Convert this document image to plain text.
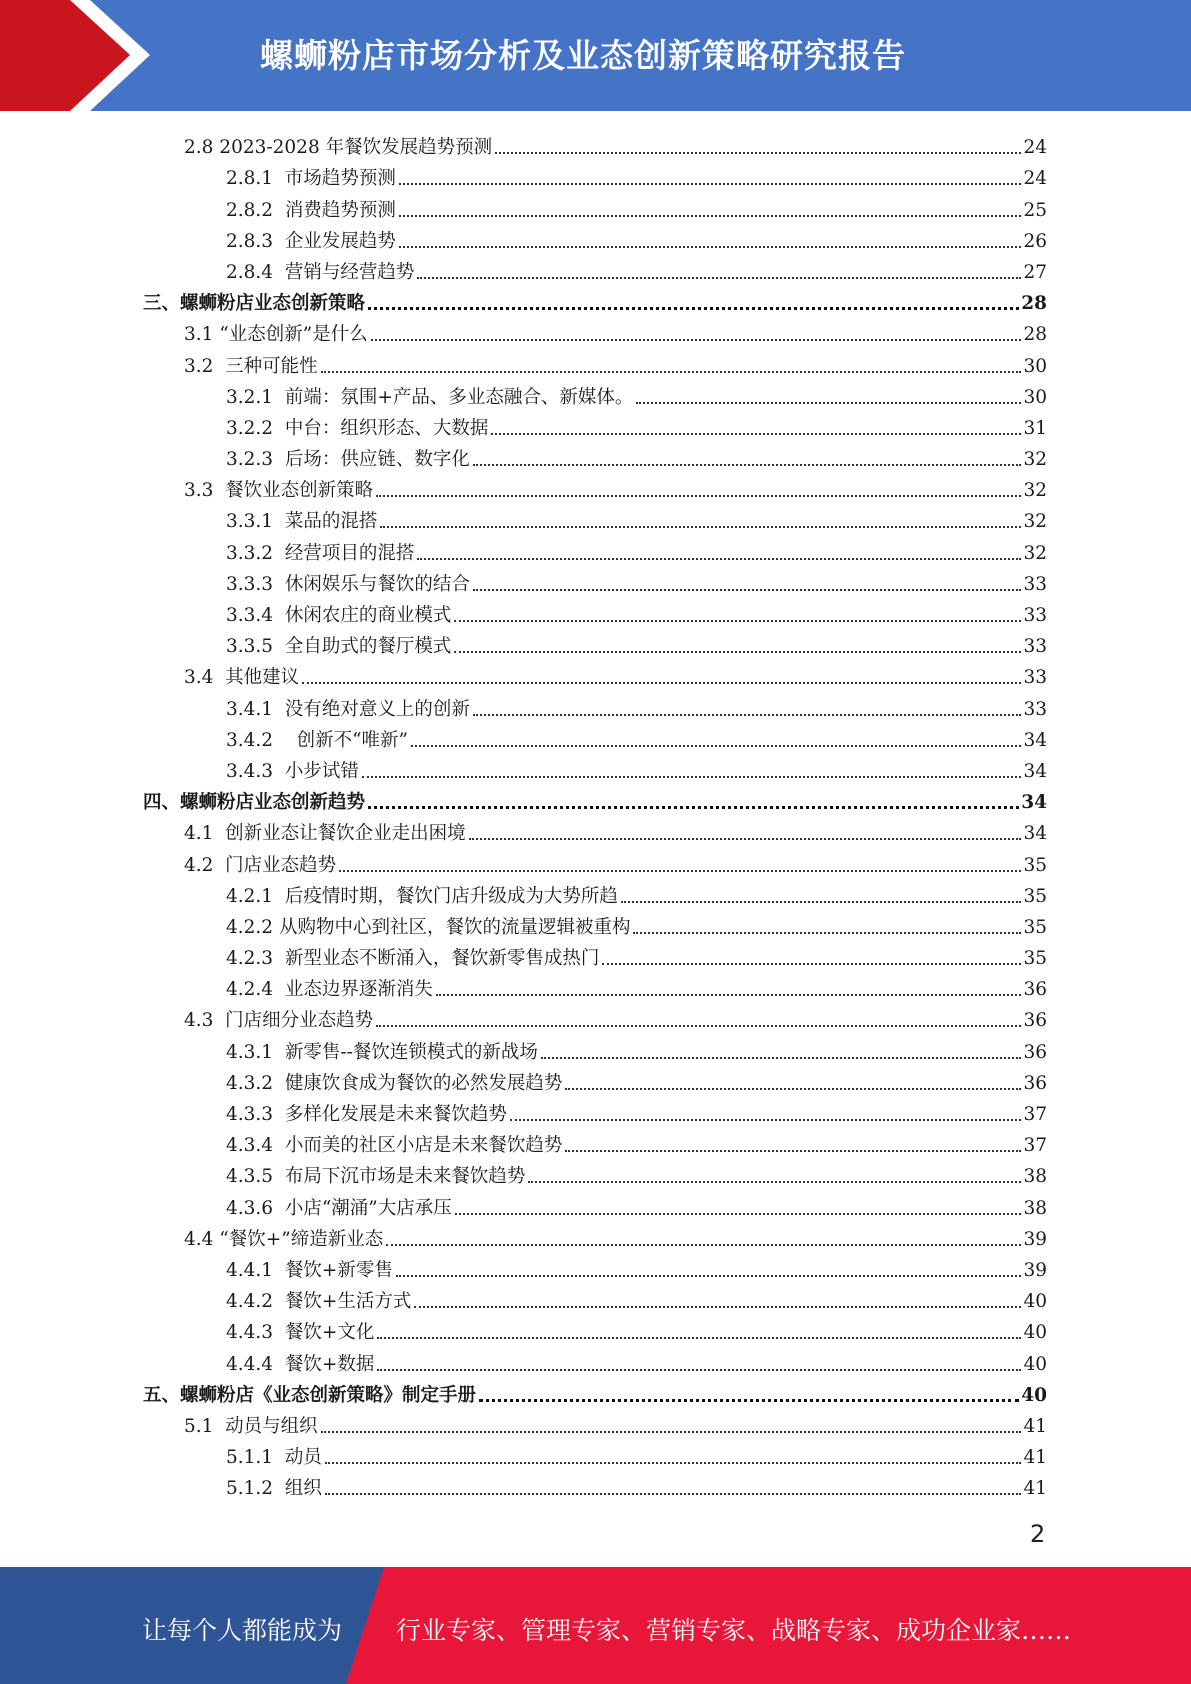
螺蛳粉店市场分析及业态创新策略研究报告
2.8 2023-2028 年餐饮发展趋势预测	24
2.8.1  市场趋势预测	24
2.8.2  消费趋势预测	25
2.8.3  企业发展趋势	26
2.8.4  营销与经营趋势	27
三、螺蛳粉店业态创新策略	28
3.1 “业态创新”是什么	28
3.2  三种可能性	30
3.2.1  前端：氛围+产品、多业态融合、新媒体。	30
3.2.2  中台：组织形态、大数据	31
3.2.3  后场：供应链、数字化	32
3.3  餐饮业态创新策略	32
3.3.1  菜品的混搭	32
3.3.2  经营项目的混搭	32
3.3.3  休闲娱乐与餐饮的结合	33
3.3.4  休闲农庄的商业模式	33
3.3.5  全自助式的餐厅模式	33
3.4  其他建议	33
3.4.1  没有绝对意义上的创新	33
3.4.2    创新不“唯新”	34
3.4.3  小步试错	34
四、螺蛳粉店业态创新趋势	34
4.1  创新业态让餐饮企业走出困境	34
4.2  门店业态趋势	35
4.2.1  后疫情时期，餐饮门店升级成为大势所趋	35
4.2.2 从购物中心到社区，餐饮的流量逻辑被重构	35
4.2.3  新型业态不断涌入，餐饮新零售成热门	35
4.2.4  业态边界逐渐消失	36
4.3  门店细分业态趋势	36
4.3.1  新零售--餐饮连锁模式的新战场	36
4.3.2  健康饮食成为餐饮的必然发展趋势	36
4.3.3  多样化发展是未来餐饮趋势	37
4.3.4  小而美的社区小店是未来餐饮趋势	37
4.3.5  布局下沉市场是未来餐饮趋势	38
4.3.6  小店“潮涌”大店承压	38
4.4 “餐饮+”缔造新业态	39
4.4.1  餐饮+新零售	39
4.4.2  餐饮+生活方式	40
4.4.3  餐饮+文化	40
4.4.4  餐饮+数据	40
五、螺蛳粉店《业态创新策略》制定手册	40
5.1  动员与组织	41
5.1.1  动员	41
5.1.2  组织	41
2
让每个人都能成为 行业专家、管理专家、营销专家、战略专家、成功企业家……
